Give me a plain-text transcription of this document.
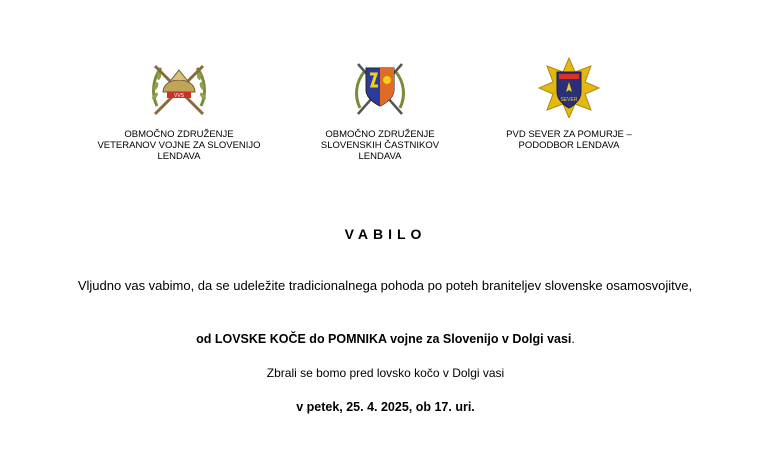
VVS
OBMOČNO ZDRUŽENJE
VETERANOV VOJNE ZA SLOVENIJO
LENDAVA
OBMOČNO ZDRUŽENJE
SLOVENSKIH ČASTNIKOV
LENDAVA
SEVER
PVD SEVER ZA POMURJE –
PODODBOR LENDAVA
VABILO
Vljudno vas vabimo, da se udeležite tradicionalnega pohoda po poteh braniteljev slovenske osamosvojitve,
od LOVSKE KOČE do POMNIKA vojne za Slovenijo v Dolgi vasi.
Zbrali se bomo pred lovsko kočo v Dolgi vasi
v petek, 25. 4. 2025, ob 17. uri.
